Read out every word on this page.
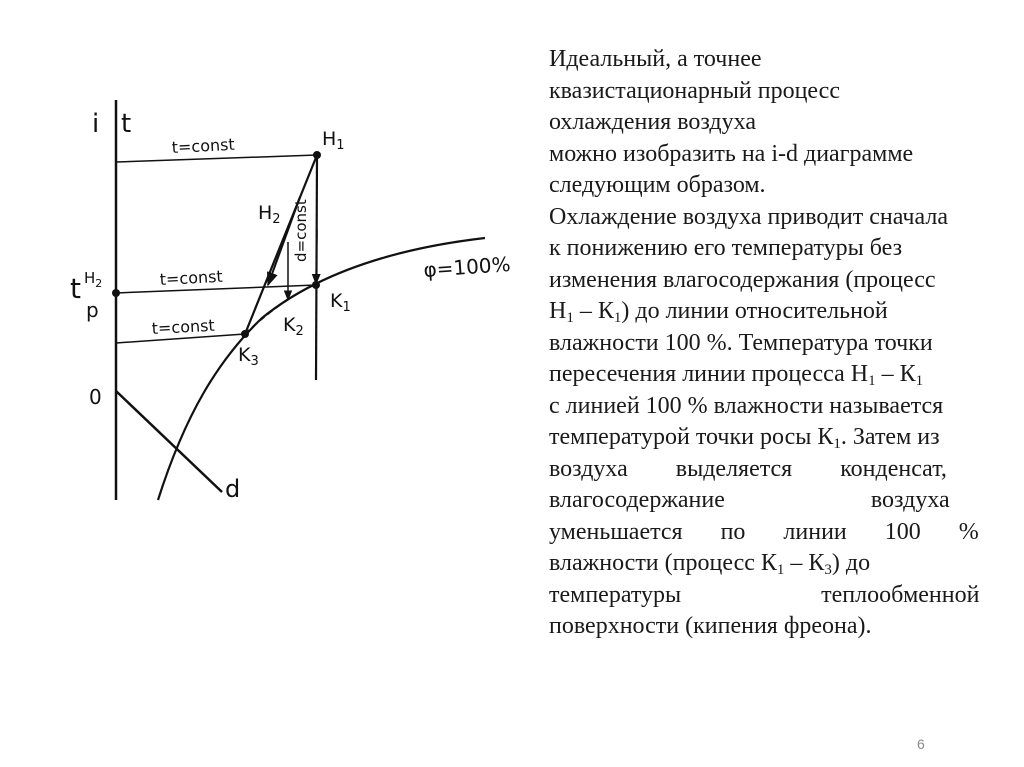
i t
t=const
t=const
t=const
$H_1$
$H_2$
$K_1$
$K_2$
$K_3$
d=const
φ=100%
t $H_2$
p
0
d
Идеальный, а точнее
квазистационарный процесс
охлаждения воздуха
можно изобразить на i-d диаграмме
следующим образом.
Охлаждение воздуха приводит сначала
к понижению его температуры без
изменения влагосодержания (процесс
$Н_1 - К_1$) до линии относительной
влажности 100 %. Температура точки
пересечения линии процесса $Н_1 - К_1$
с линией 100 % влажности называется
температурой точки росы $К_1$. Затем из
воздуха выделяется конденсат,
влагосодержание воздуха
уменьшается по линии 100 %
влажности (процесс $К_1 - К_3$) до
температуры теплообменной
поверхности (кипения фреона).
6
